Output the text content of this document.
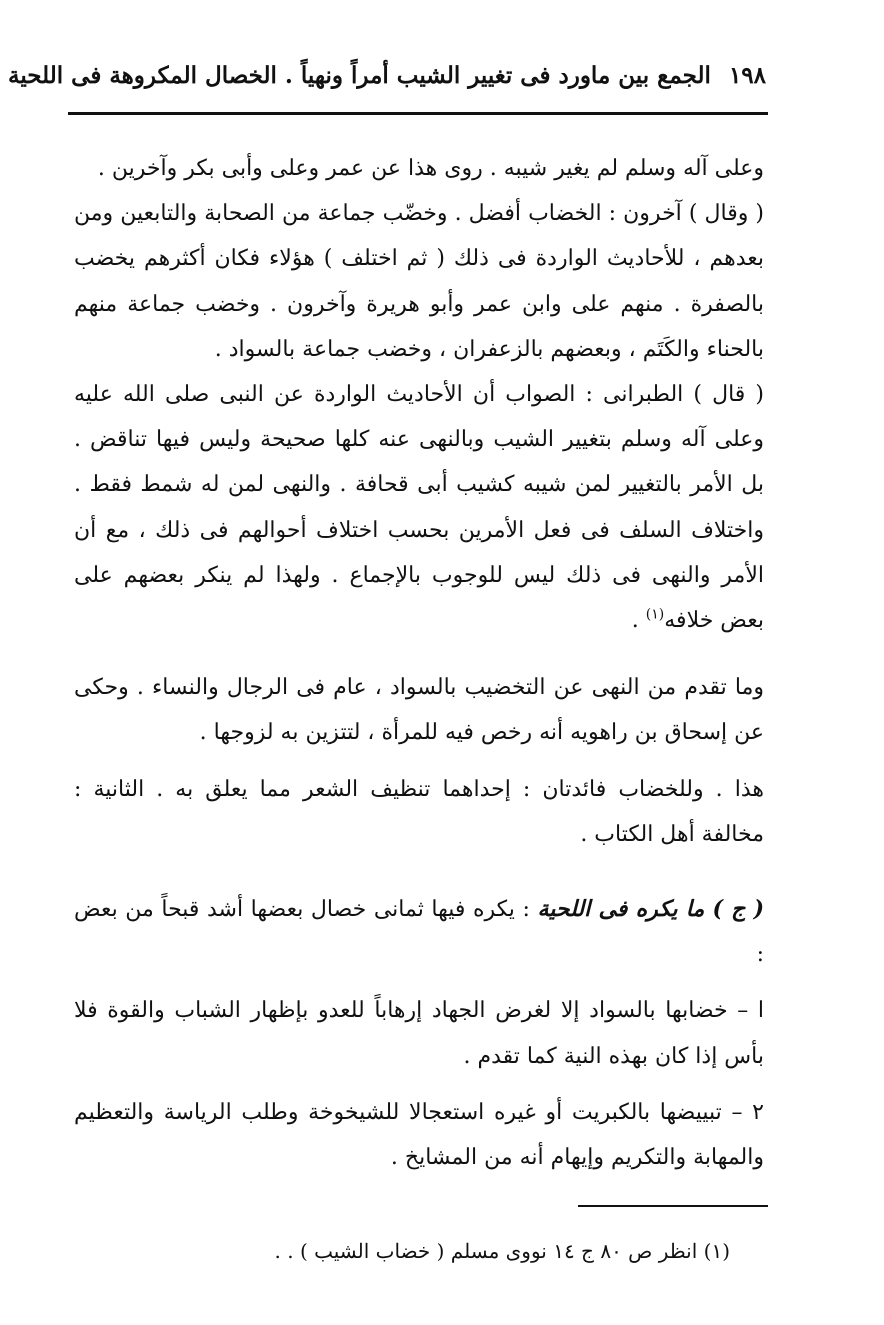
١٩٨ الجمع بين ماورد فى تغيير الشيب أمراً ونهياً . الخصال المكروهة فى اللحية

وعلى آله وسلم لم يغير شيبه . روى هذا عن عمر وعلى وأبى بكر وآخرين .

( وقال ) آخرون : الخضاب أفضل . وخضّب جماعة من الصحابة والتابعين ومن بعدهم ، للأحاديث الواردة فى ذلك ( ثم اختلف ) هؤلاء فكان أكثرهم يخضب بالصفرة . منهم على وابن عمر وأبو هريرة وآخرون . وخضب جماعة منهم بالحناء والكَتَم ، وبعضهم بالزعفران ، وخضب جماعة بالسواد .

( قال ) الطبرانى : الصواب أن الأحاديث الواردة عن النبى صلى الله عليه وعلى آله وسلم بتغيير الشيب وبالنهى عنه كلها صحيحة وليس فيها تناقض . بل الأمر بالتغيير لمن شيبه كشيب أبى قحافة . والنهى لمن له شمط فقط . واختلاف السلف فى فعل الأمرين بحسب اختلاف أحوالهم فى ذلك ، مع أن الأمر والنهى فى ذلك ليس للوجوب بالإجماع . ولهذا لم ينكر بعضهم على بعض خلافه$^{(١)}$ .

وما تقدم من النهى عن التخضيب بالسواد ، عام فى الرجال والنساء . وحكى عن إسحاق بن راهويه أنه رخص فيه للمرأة ، لتتزين به لزوجها .

هذا . وللخضاب فائدتان : إحداهما تنظيف الشعر مما يعلق به . الثانية : مخالفة أهل الكتاب .

( ج ) ما يكره فى اللحية : يكره فيها ثمانى خصال بعضها أشد قبحاً من بعض :

ا – خضابها بالسواد إلا لغرض الجهاد إرهاباً للعدو بإظهار الشباب والقوة فلا بأس إذا كان بهذه النية كما تقدم .

٢ – تبييضها بالكبريت أو غيره استعجالا للشيخوخة وطلب الرياسة والتعظيم والمهابة والتكريم وإيهام أنه من المشايخ .

(١) انظر ص ٨٠ ج ١٤ نووى مسلم ( خضاب الشيب ) . .
